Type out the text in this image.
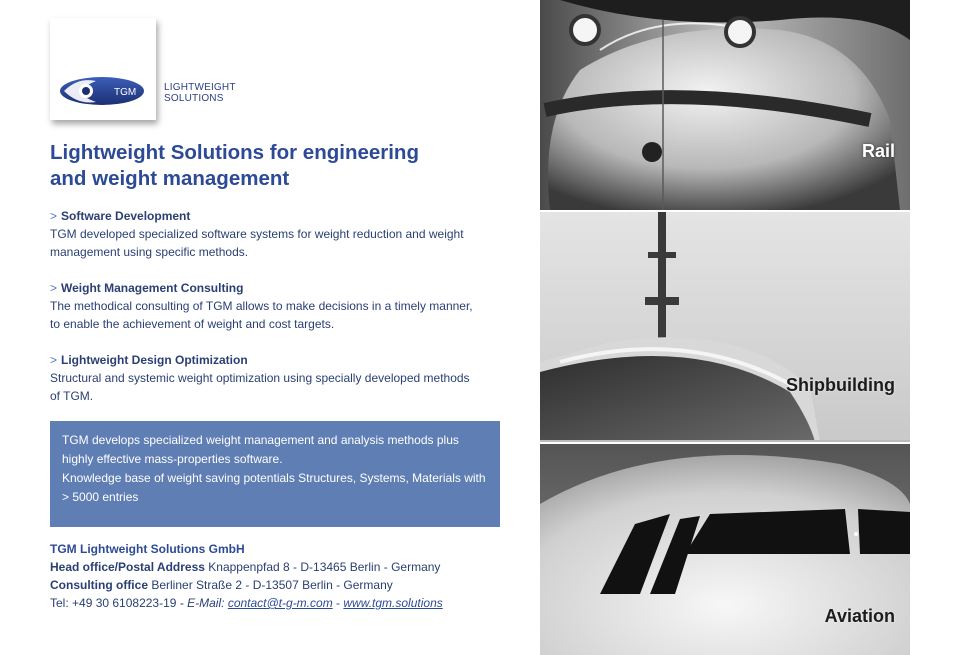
TGM	LIGHTWEIGHT
SOLUTIONS
Lightweight Solutions for engineering
and weight management
> Software Development
TGM developed specialized software systems for weight reduction and weight management using specific methods.
> Weight Management Consulting
The methodical consulting of TGM allows to make decisions in a timely manner, to enable the achievement of weight and cost targets.
> Lightweight Design Optimization
Structural and systemic weight optimization using specially developed methods of TGM.

TGM develops specialized weight management and analysis methods plus highly effective mass-properties software.

Knowledge base of weight saving potentials Structures, Systems, Materials with > 5000 entries

TGM Lightweight Solutions GmbH
Head office/Postal Address Knappenpfad 8 - D-13465 Berlin - Germany
Consulting office Berliner Straße 2 - D-13507 Berlin - Germany
Tel: +49 30 6108223-19 - E-Mail: contact@t-g-m.com - www.tgm.solutions
Rail
Shipbuilding
Aviation
